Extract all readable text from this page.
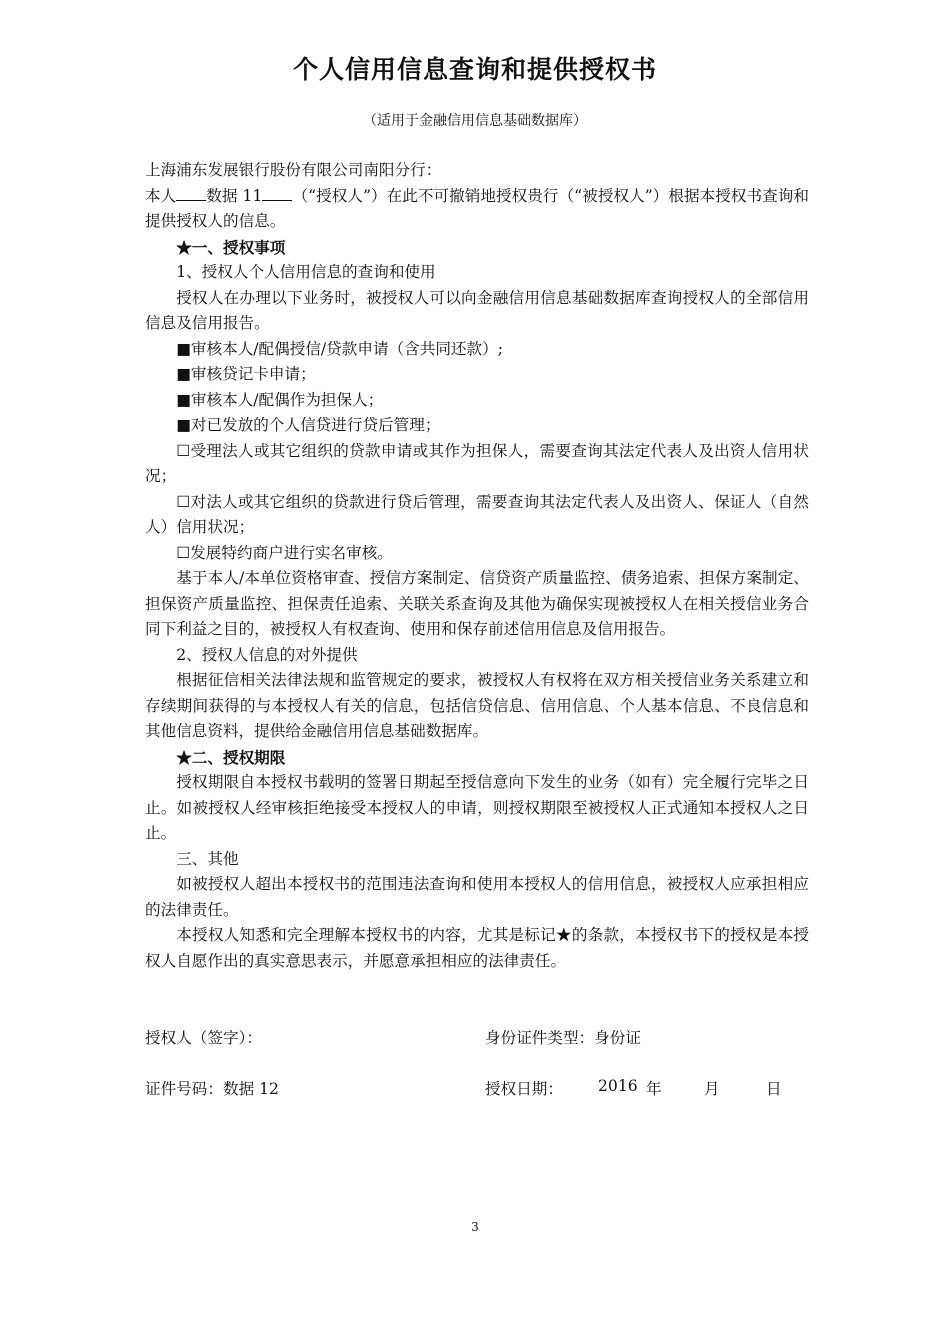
个人信用信息查询和提供授权书
（适用于金融信用信息基础数据库）

上海浦东发展银行股份有限公司南阳分行：

本人 数据 11 （“授权人”）在此不可撤销地授权贵行（“被授权人”）根据本授权书查询和提供授权人的信息。

★一、授权事项

1、授权人个人信用信息的查询和使用

授权人在办理以下业务时，被授权人可以向金融信用信息基础数据库查询授权人的全部信用信息及信用报告。

■审核本人/配偶授信/贷款申请（含共同还款）;

■审核贷记卡申请；

■审核本人/配偶作为担保人；

■对已发放的个人信贷进行贷后管理；

☐受理法人或其它组织的贷款申请或其作为担保人，需要查询其法定代表人及出资人信用状况；

☐对法人或其它组织的贷款进行贷后管理，需要查询其法定代表人及出资人、保证人（自然人）信用状况；

☐发展特约商户进行实名审核。

基于本人/本单位资格审查、授信方案制定、信贷资产质量监控、债务追索、担保方案制定、担保资产质量监控、担保责任追索、关联关系查询及其他为确保实现被授权人在相关授信业务合同下利益之目的，被授权人有权查询、使用和保存前述信用信息及信用报告。

2、授权人信息的对外提供

根据征信相关法律法规和监管规定的要求，被授权人有权将在双方相关授信业务关系建立和存续期间获得的与本授权人有关的信息，包括信贷信息、信用信息、个人基本信息、不良信息和其他信息资料，提供给金融信用信息基础数据库。

★二、授权期限

授权期限自本授权书载明的签署日期起至授信意向下发生的业务（如有）完全履行完毕之日止。如被授权人经审核拒绝接受本授权人的申请，则授权期限至被授权人正式通知本授权人之日止。

三、其他

如被授权人超出本授权书的范围违法查询和使用本授权人的信用信息，被授权人应承担相应的法律责任。

本授权人知悉和完全理解本授权书的内容，尤其是标记★的条款，本授权书下的授权是本授权人自愿作出的真实意思表示，并愿意承担相应的法律责任。

授权人（签字）：	身份证件类型：身份证
证件号码：数据 12	授权日期： 2016 年	月	日
3
